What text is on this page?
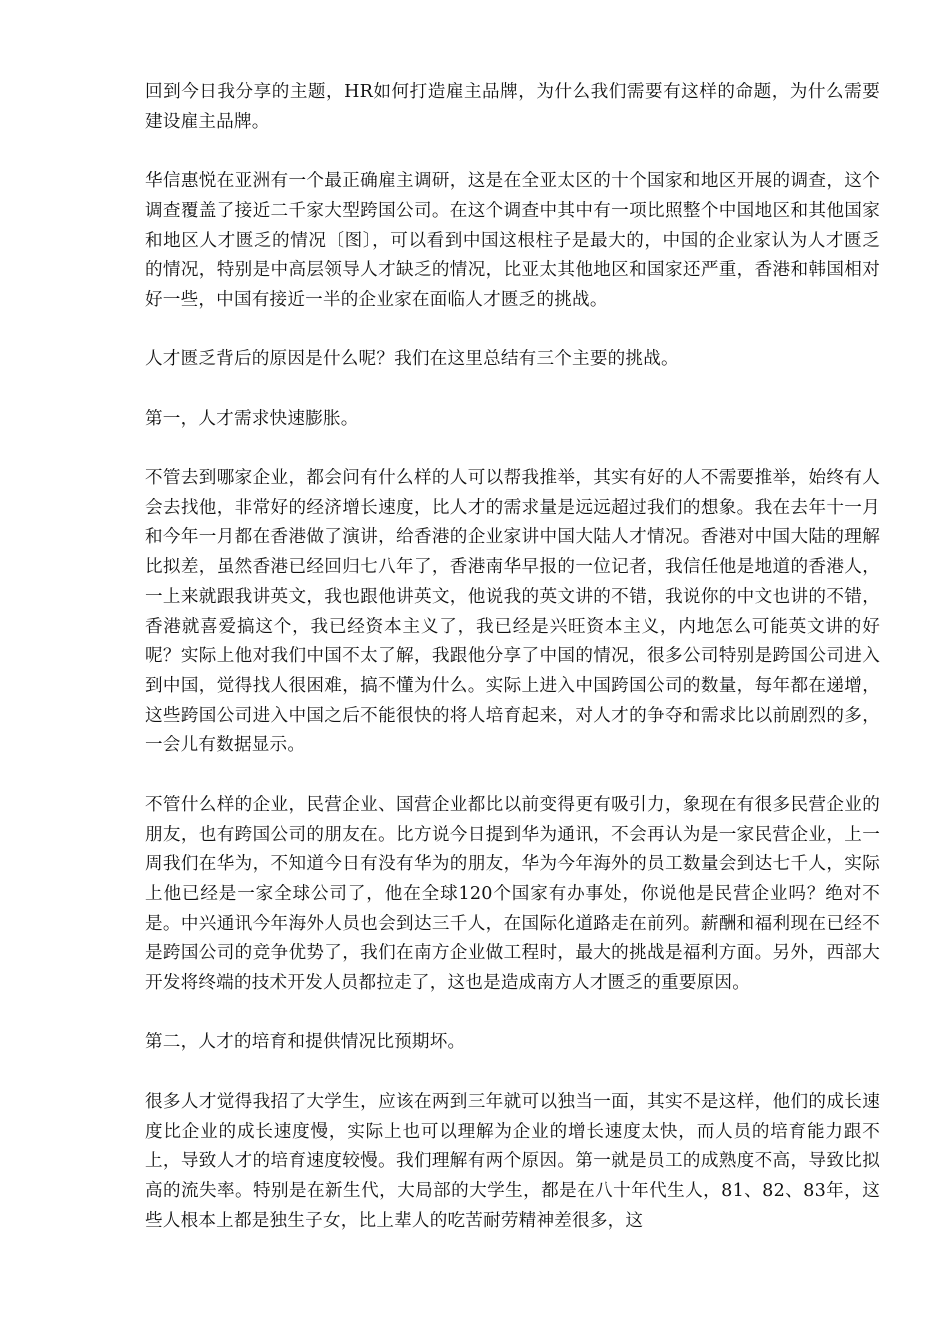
回到今日我分享的主题，HR如何打造雇主品牌，为什么我们需要有这样的命题，为什么需要建设雇主品牌。

华信惠悦在亚洲有一个最正确雇主调研，这是在全亚太区的十个国家和地区开展的调查，这个调查覆盖了接近二千家大型跨国公司。在这个调查中其中有一项比照整个中国地区和其他国家和地区人才匮乏的情况〔图〕，可以看到中国这根柱子是最大的，中国的企业家认为人才匮乏的情况，特别是中高层领导人才缺乏的情况，比亚太其他地区和国家还严重，香港和韩国相对好一些，中国有接近一半的企业家在面临人才匮乏的挑战。

人才匮乏背后的原因是什么呢？我们在这里总结有三个主要的挑战。

第一，人才需求快速膨胀。

不管去到哪家企业，都会问有什么样的人可以帮我推举，其实有好的人不需要推举，始终有人会去找他，非常好的经济增长速度，比人才的需求量是远远超过我们的想象。我在去年十一月和今年一月都在香港做了演讲，给香港的企业家讲中国大陆人才情况。香港对中国大陆的理解比拟差，虽然香港已经回归七八年了，香港南华早报的一位记者，我信任他是地道的香港人，一上来就跟我讲英文，我也跟他讲英文，他说我的英文讲的不错，我说你的中文也讲的不错，香港就喜爱搞这个，我已经资本主义了，我已经是兴旺资本主义，内地怎么可能英文讲的好呢？实际上他对我们中国不太了解，我跟他分享了中国的情况，很多公司特别是跨国公司进入到中国，觉得找人很困难，搞不懂为什么。实际上进入中国跨国公司的数量，每年都在递增，这些跨国公司进入中国之后不能很快的将人培育起来，对人才的争夺和需求比以前剧烈的多，一会儿有数据显示。

不管什么样的企业，民营企业、国营企业都比以前变得更有吸引力，象现在有很多民营企业的朋友，也有跨国公司的朋友在。比方说今日提到华为通讯，不会再认为是一家民营企业，上一周我们在华为，不知道今日有没有华为的朋友，华为今年海外的员工数量会到达七千人，实际上他已经是一家全球公司了，他在全球120个国家有办事处，你说他是民营企业吗？绝对不是。中兴通讯今年海外人员也会到达三千人，在国际化道路走在前列。薪酬和福利现在已经不是跨国公司的竞争优势了，我们在南方企业做工程时，最大的挑战是福利方面。另外，西部大开发将终端的技术开发人员都拉走了，这也是造成南方人才匮乏的重要原因。

第二，人才的培育和提供情况比预期坏。

很多人才觉得我招了大学生，应该在两到三年就可以独当一面，其实不是这样，他们的成长速度比企业的成长速度慢，实际上也可以理解为企业的增长速度太快，而人员的培育能力跟不上，导致人才的培育速度较慢。我们理解有两个原因。第一就是员工的成熟度不高，导致比拟高的流失率。特别是在新生代，大局部的大学生，都是在八十年代生人，81、82、83年，这些人根本上都是独生子女，比上辈人的吃苦耐劳精神差很多，这
